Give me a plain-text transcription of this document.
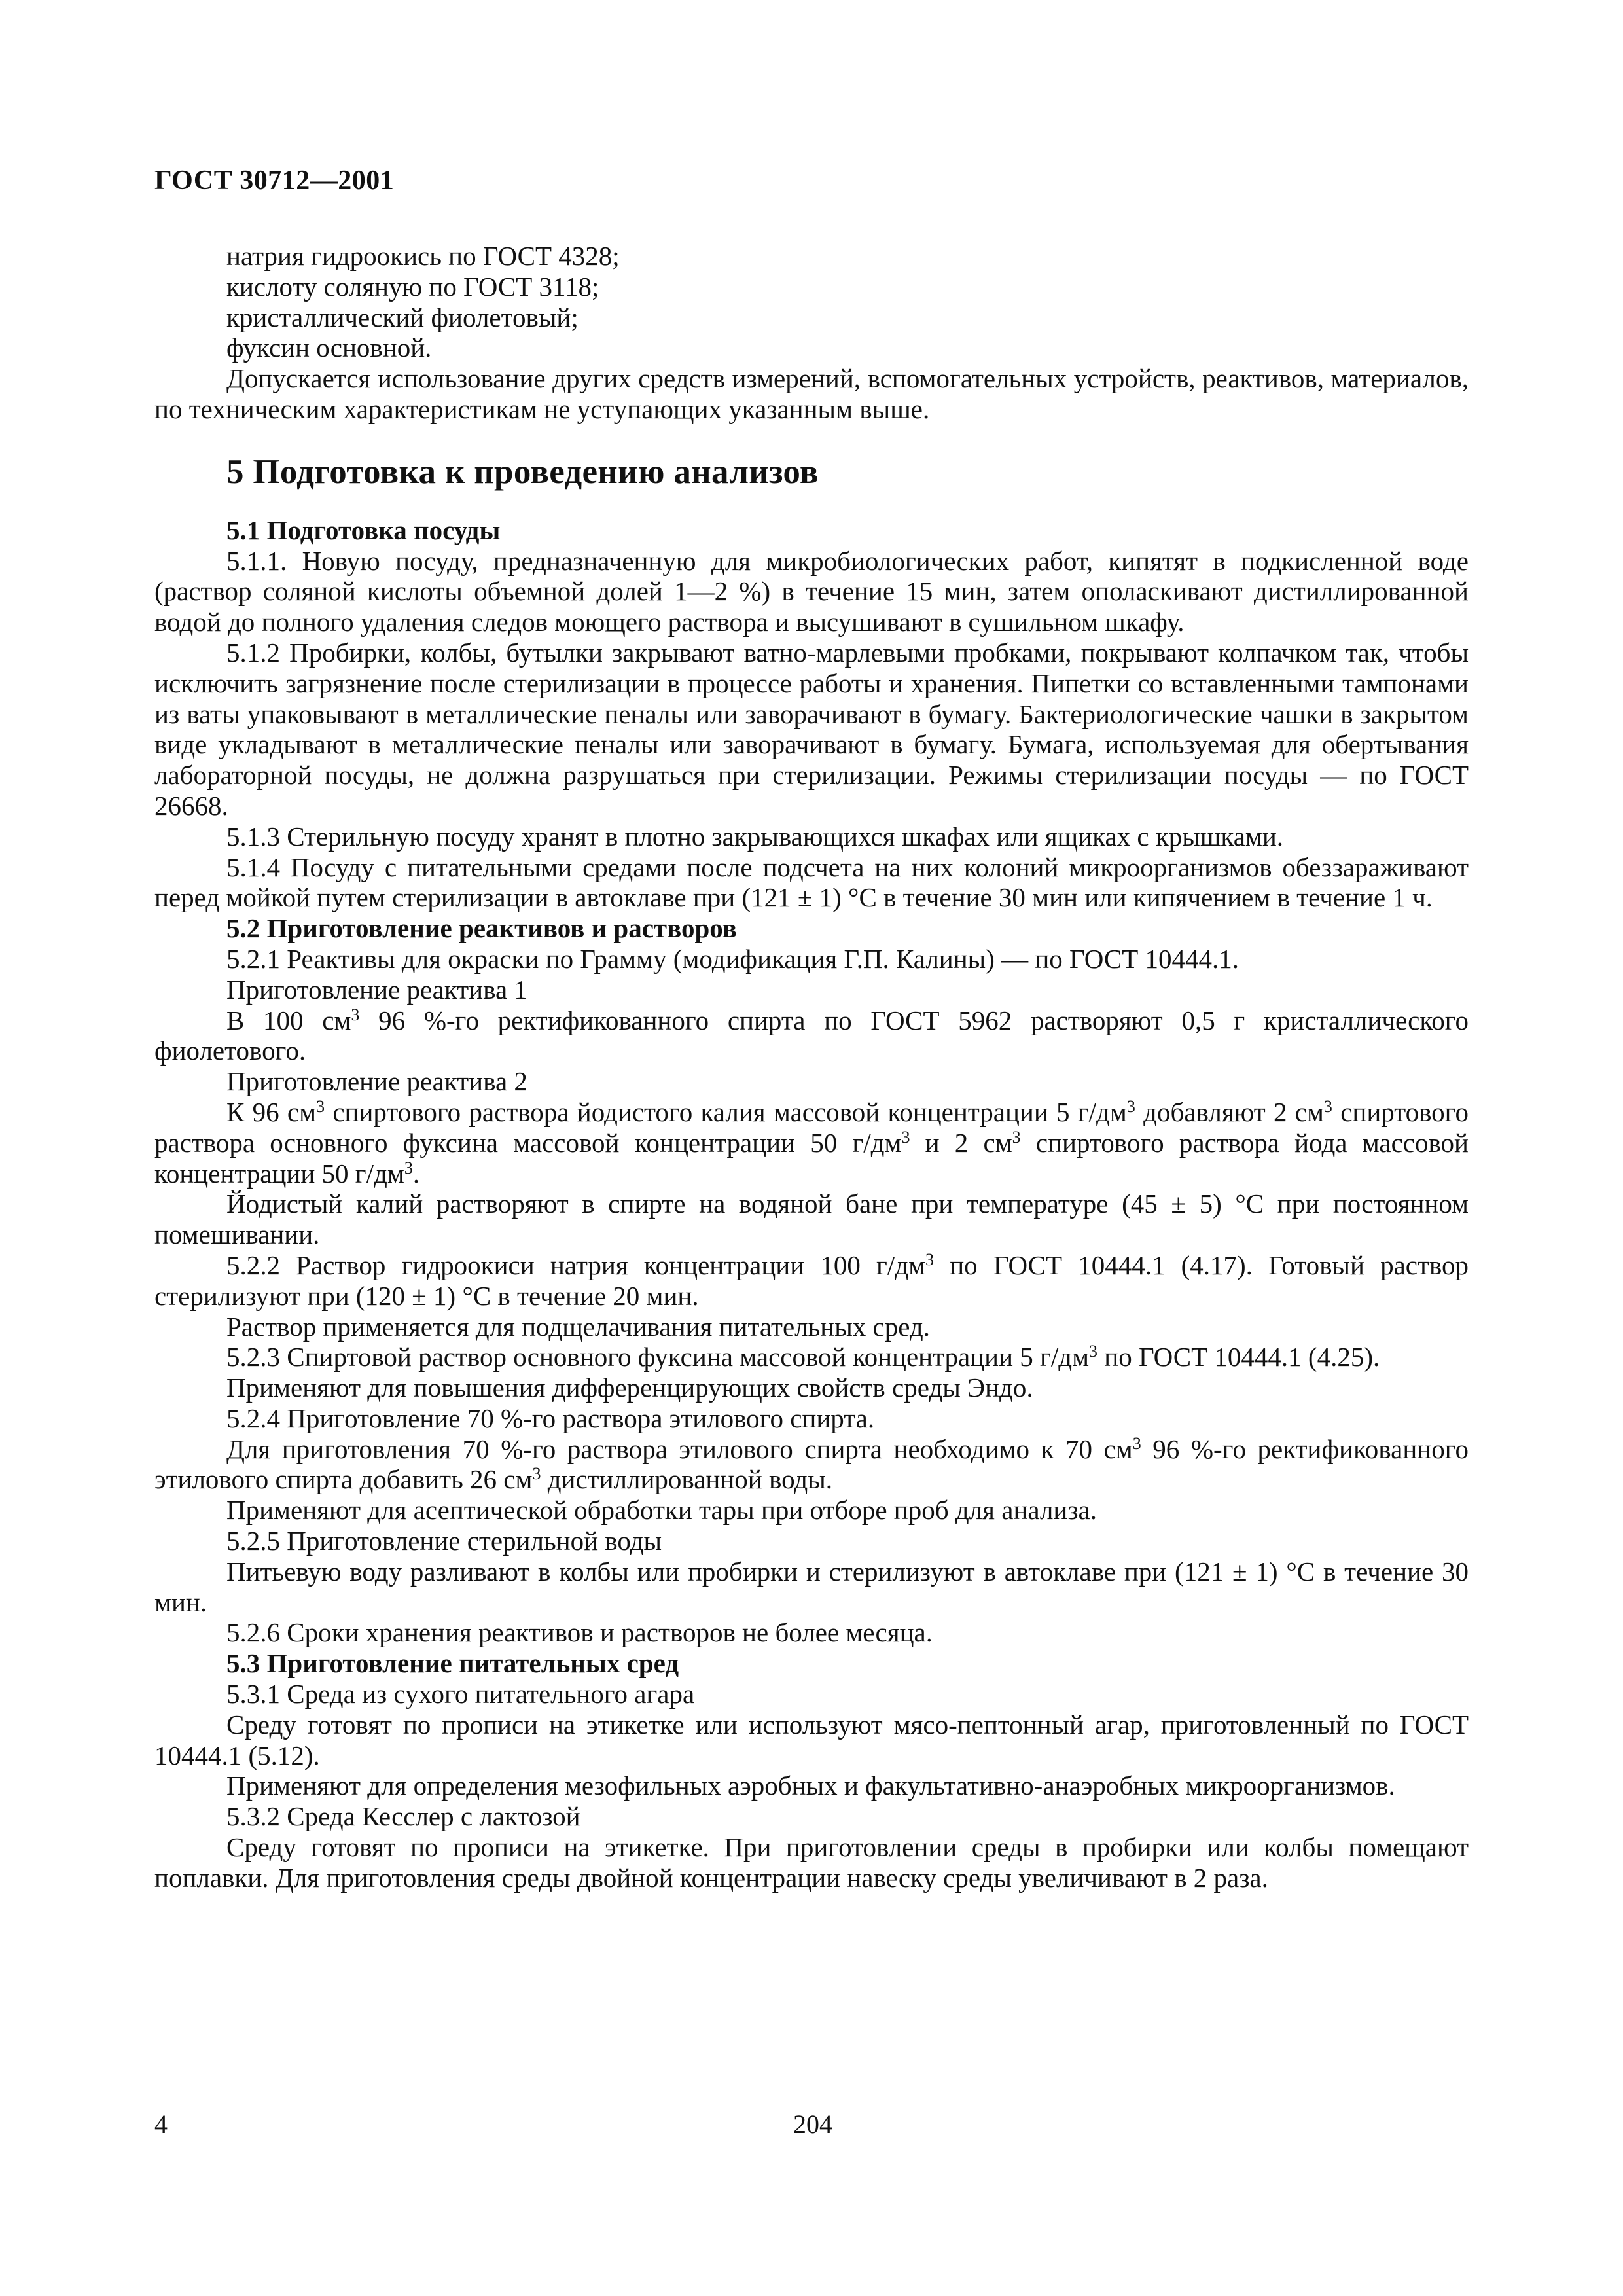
ГОСТ 30712—2001

натрия гидроокись по ГОСТ 4328;

кислоту соляную по ГОСТ 3118;

кристаллический фиолетовый;

фуксин основной.

Допускается использование других средств измерений, вспомогательных устройств, реактивов, материалов, по техническим характеристикам не уступающих указанным выше.

5 Подготовка к проведению анализов

5.1 Подготовка посуды

5.1.1. Новую посуду, предназначенную для микробиологических работ, кипятят в подкисленной воде (раствор соляной кислоты объемной долей 1—2 %) в течение 15 мин, затем ополаскивают дистиллированной водой до полного удаления следов моющего раствора и высушивают в сушильном шкафу.

5.1.2 Пробирки, колбы, бутылки закрывают ватно-марлевыми пробками, покрывают колпачком так, чтобы исключить загрязнение после стерилизации в процессе работы и хранения. Пипетки со вставленными тампонами из ваты упаковывают в металлические пеналы или заворачивают в бумагу. Бактериологические чашки в закрытом виде укладывают в металлические пеналы или заворачивают в бумагу. Бумага, используемая для обертывания лабораторной посуды, не должна разрушаться при стерилизации. Режимы стерилизации посуды — по ГОСТ 26668.

5.1.3 Стерильную посуду хранят в плотно закрывающихся шкафах или ящиках с крышками.

5.1.4 Посуду с питательными средами после подсчета на них колоний микроорганизмов обеззараживают перед мойкой путем стерилизации в автоклаве при (121 ± 1) °С в течение 30 мин или кипячением в течение 1 ч.

5.2 Приготовление реактивов и растворов

5.2.1 Реактивы для окраски по Грамму (модификация Г.П. Калины) — по ГОСТ 10444.1.

Приготовление реактива 1

В 100 $см^3$ 96 %-го ректификованного спирта по ГОСТ 5962 растворяют 0,5 г кристаллического фиолетового.

Приготовление реактива 2

К 96 $см^3$ спиртового раствора йодистого калия массовой концентрации 5 $г/дм^3$ добавляют 2 $см^3$ спиртового раствора основного фуксина массовой концентрации 50 $г/дм^3$ и 2 $см^3$ спиртового раствора йода массовой концентрации 50 $г/дм^3$.

Йодистый калий растворяют в спирте на водяной бане при температуре (45 ± 5) °С при постоянном помешивании.

5.2.2 Раствор гидроокиси натрия концентрации 100 $г/дм^3$ по ГОСТ 10444.1 (4.17). Готовый раствор стерилизуют при (120 ± 1) °С в течение 20 мин.

Раствор применяется для подщелачивания питательных сред.

5.2.3 Спиртовой раствор основного фуксина массовой концентрации 5 $г/дм^3$ по ГОСТ 10444.1 (4.25).

Применяют для повышения дифференцирующих свойств среды Эндо.

5.2.4 Приготовление 70 %-го раствора этилового спирта.

Для приготовления 70 %-го раствора этилового спирта необходимо к 70 $см^3$ 96 %-го ректификованного этилового спирта добавить 26 $см^3$ дистиллированной воды.

Применяют для асептической обработки тары при отборе проб для анализа.

5.2.5 Приготовление стерильной воды

Питьевую воду разливают в колбы или пробирки и стерилизуют в автоклаве при (121 ± 1) °С в течение 30 мин.

5.2.6 Сроки хранения реактивов и растворов не более месяца.

5.3 Приготовление питательных сред

5.3.1 Среда из сухого питательного агара

Среду готовят по прописи на этикетке или используют мясо-пептонный агар, приготовленный по ГОСТ 10444.1 (5.12).

Применяют для определения мезофильных аэробных и факультативно-анаэробных микроорганизмов.

5.3.2 Среда Кесслер с лактозой

Среду готовят по прописи на этикетке. При приготовлении среды в пробирки или колбы помещают поплавки. Для приготовления среды двойной концентрации навеску среды увеличивают в 2 раза.

4	204
